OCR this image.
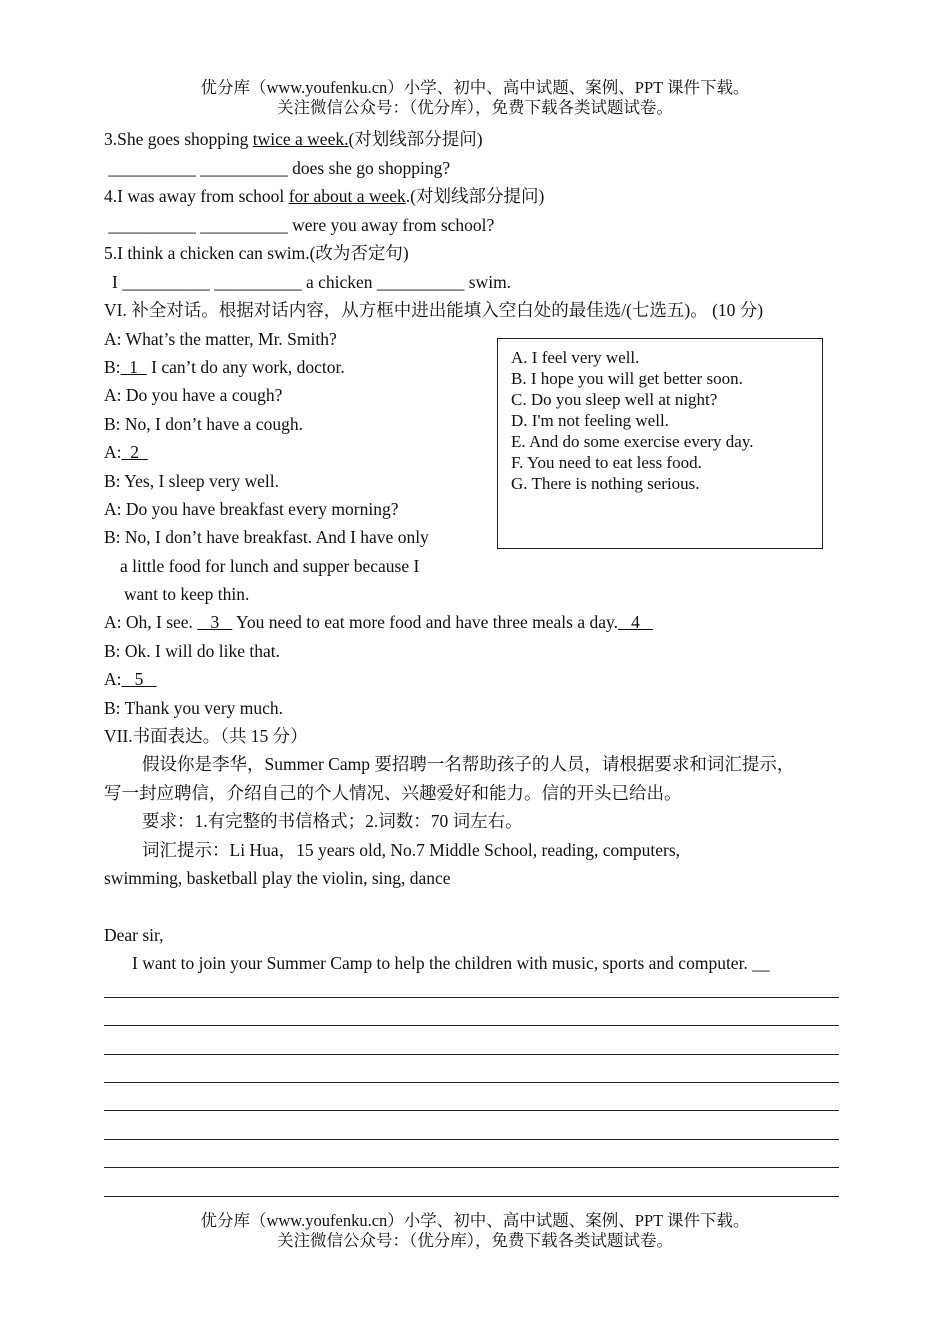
优分库（www.youfenku.cn）小学、初中、高中试题、案例、PPT 课件下载。
关注微信公众号：（优分库），免费下载各类试题试卷。
3.She goes shopping twice a week.(对划线部分提问)
__________ __________ does she go shopping?
4.I was away from school for about a week.(对划线部分提问)
__________ __________ were you away from school?
5.I think a chicken can swim.(改为否定句)
I __________ __________ a chicken __________ swim.
VI. 补全对话。根据对话内容，从方框中进出能填入空白处的最佳选/(七选五)。 (10 分)
A: What’s the matter, Mr. Smith?
B:  1   I can’t do any work, doctor.
A: Do you have a cough?
B: No, I don’t have a cough.
A:  2
B: Yes, I sleep very well.
A: Do you have breakfast every morning?
B: No, I don’t have breakfast. And I have only
a little food for lunch and supper because I
want to keep thin.
A: Oh, I see.    3    You need to eat more food and have three meals a day.   4
B: Ok. I will do like that.
A:   5
B: Thank you very much.
A. I feel very well.
B. I hope you will get better soon.
C. Do you sleep well at night?
D. I'm not feeling well.
E. And do some exercise every day.
F. You need to eat less food.
G. There is nothing serious.
VII.书面表达。（共 15 分）
假设你是李华，Summer Camp 要招聘一名帮助孩子的人员，请根据要求和词汇提示，
写一封应聘信，介绍自己的个人情况、兴趣爱好和能力。信的开头已给出。
要求：1.有完整的书信格式；2.词数：70 词左右。
词汇提示：Li Hua，15 years old, No.7 Middle School, reading, computers,
swimming, basketball play the violin, sing, dance
Dear sir,
I want to join your Summer Camp to help the children with music, sports and computer. __
优分库（www.youfenku.cn）小学、初中、高中试题、案例、PPT 课件下载。
关注微信公众号：（优分库），免费下载各类试题试卷。
